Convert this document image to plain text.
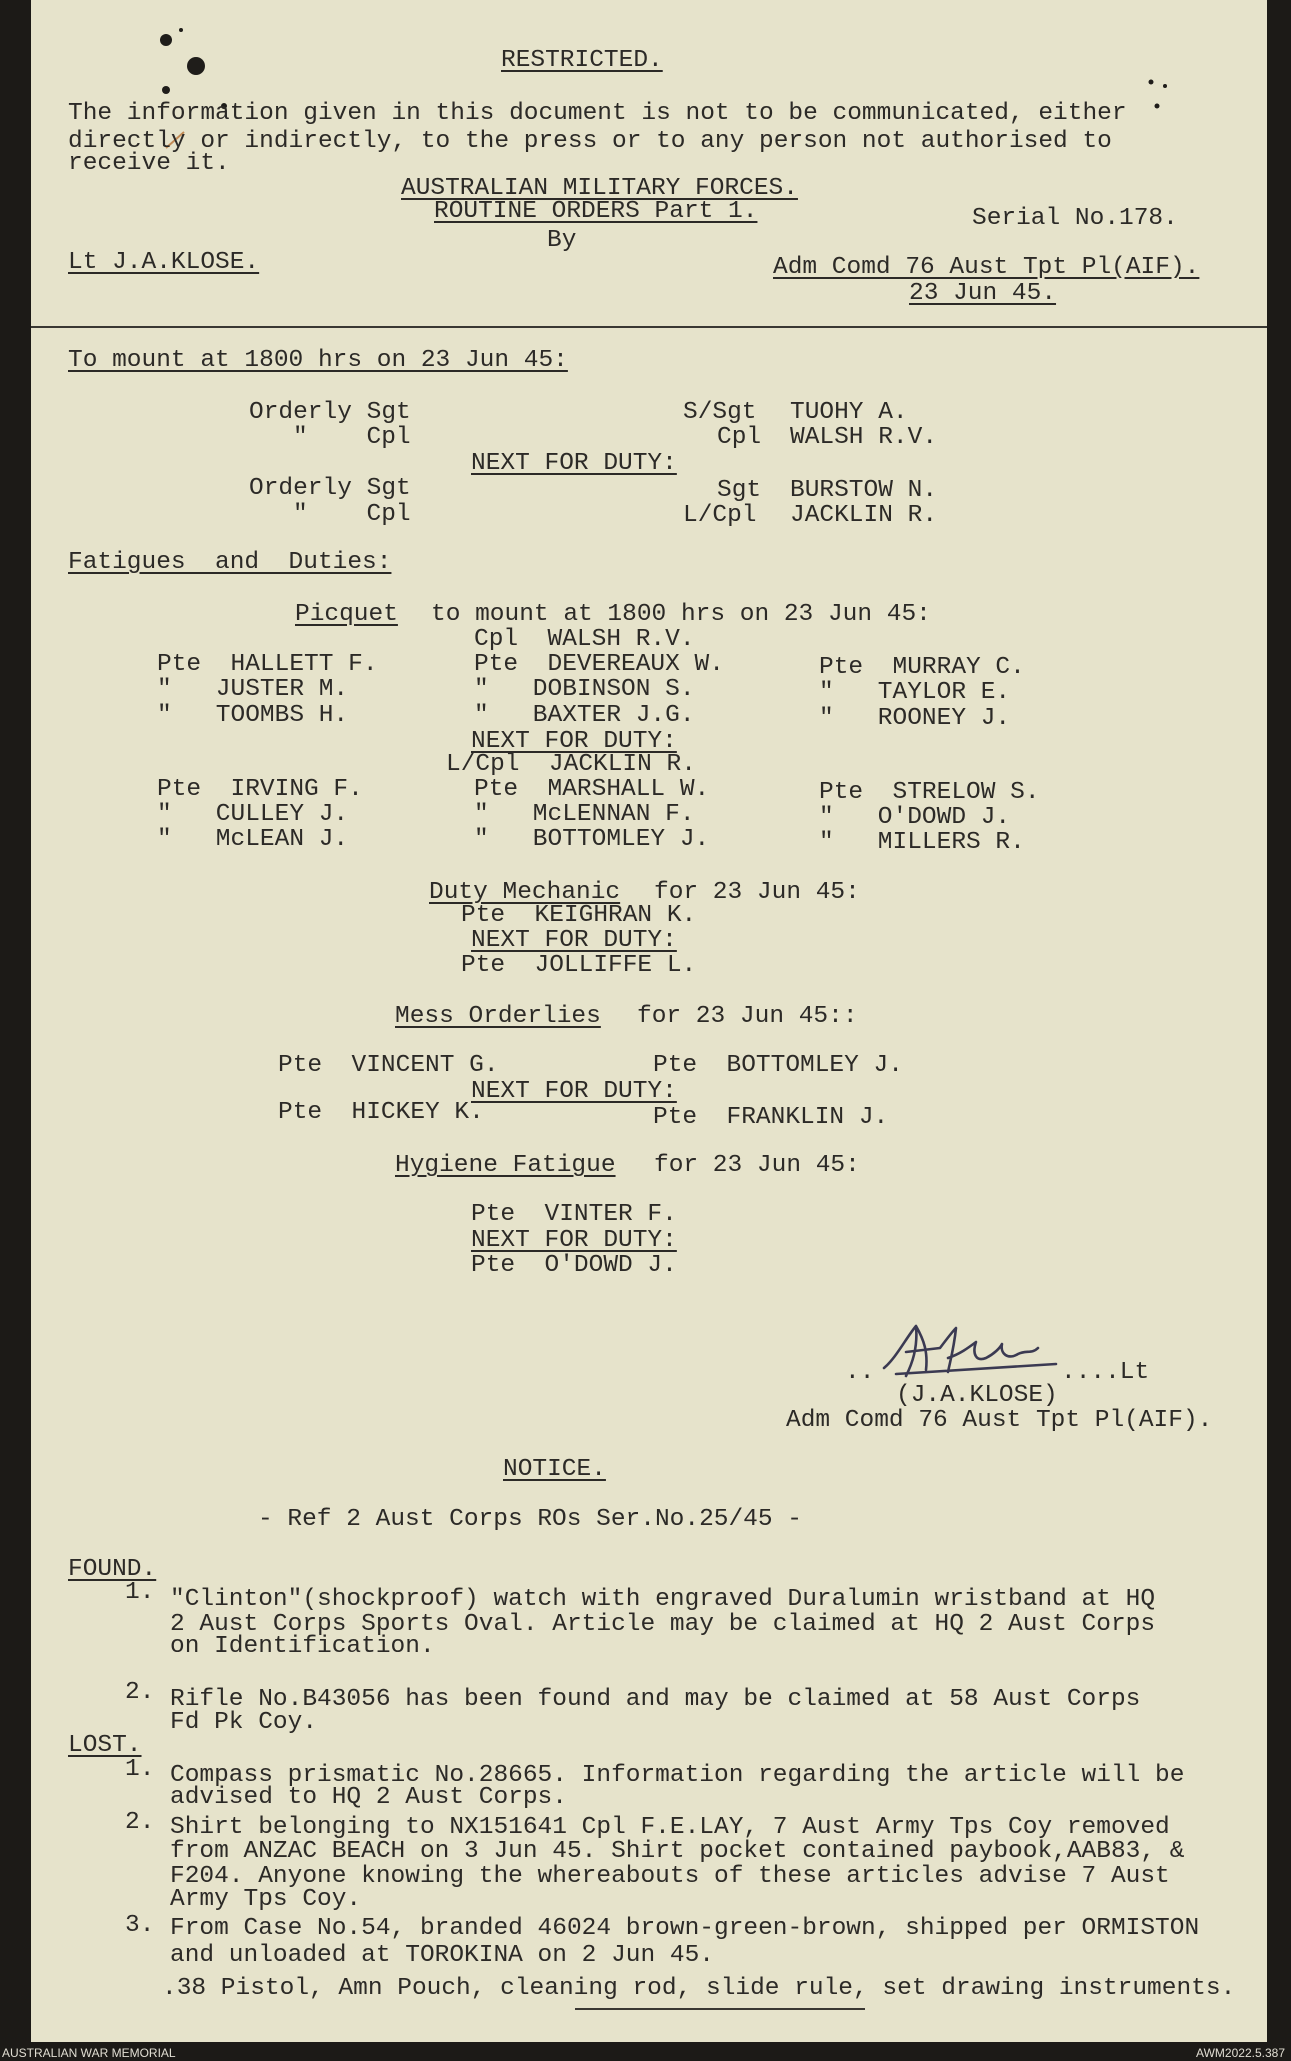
RESTRICTED.
The information given in this document is not to be communicated, either
directly or indirectly, to the press or to any person not authorised to
receive it.
AUSTRALIAN MILITARY FORCES.
ROUTINE ORDERS Part 1.	Serial No.178.
By
Lt J.A.KLOSE.	Adm Comd 76 Aust Tpt Pl(AIF).
23 Jun 45.
To mount at 1800 hrs on 23 Jun 45:
Orderly Sgt	S/Sgt TUOHY A.
"    Cpl	Cpl WALSH R.V.
NEXT FOR DUTY:
Orderly Sgt	Sgt BURSTOW N.
"    Cpl	L/Cpl JACKLIN R.
Fatigues  and  Duties:
Picquet to mount at 1800 hrs on 23 Jun 45:
Cpl  WALSH R.V.
Pte  HALLETT F.
"   JUSTER M.
"   TOOMBS H.
Pte  DEVEREAUX W.
"   DOBINSON S.
"   BAXTER J.G.
Pte  MURRAY C.
"   TAYLOR E.
"   ROONEY J.
NEXT FOR DUTY:
L/Cpl  JACKLIN R.
Pte  IRVING F.
"   CULLEY J.
"   McLEAN J.
Pte  MARSHALL W.
"   McLENNAN F.
"   BOTTOMLEY J.
Pte  STRELOW S.
"   O'DOWD J.
"   MILLERS R.
Duty Mechanic for 23 Jun 45:
Pte  KEIGHRAN K.
NEXT FOR DUTY:
Pte  JOLLIFFE L.
Mess Orderlies for 23 Jun 45::
Pte  VINCENT G.	Pte  BOTTOMLEY J.
NEXT FOR DUTY:
Pte  HICKEY K.	Pte  FRANKLIN J.
Hygiene Fatigue for 23 Jun 45:
Pte  VINTER F.
NEXT FOR DUTY:
Pte  O'DOWD J.
..	....Lt
(J.A.KLOSE)
Adm Comd 76 Aust Tpt Pl(AIF).
NOTICE.
- Ref 2 Aust Corps ROs Ser.No.25/45 -
FOUND.
1. "Clinton"(shockproof) watch with engraved Duralumin wristband at HQ
2 Aust Corps Sports Oval. Article may be claimed at HQ 2 Aust Corps
on Identification.
2. Rifle No.B43056 has been found and may be claimed at 58 Aust Corps
Fd Pk Coy.
LOST.
1. Compass prismatic No.28665. Information regarding the article will be
advised to HQ 2 Aust Corps.
2. Shirt belonging to NX151641 Cpl F.E.LAY, 7 Aust Army Tps Coy removed
from ANZAC BEACH on 3 Jun 45. Shirt pocket contained paybook,AAB83, &
F204. Anyone knowing the whereabouts of these articles advise 7 Aust
Army Tps Coy.
3. From Case No.54, branded 46024 brown-green-brown, shipped per ORMISTON
and unloaded at TOROKINA on 2 Jun 45.
.38 Pistol, Amn Pouch, cleaning rod, slide rule, set drawing instruments.
AUSTRALIAN WAR MEMORIAL	AWM2022.5.387
